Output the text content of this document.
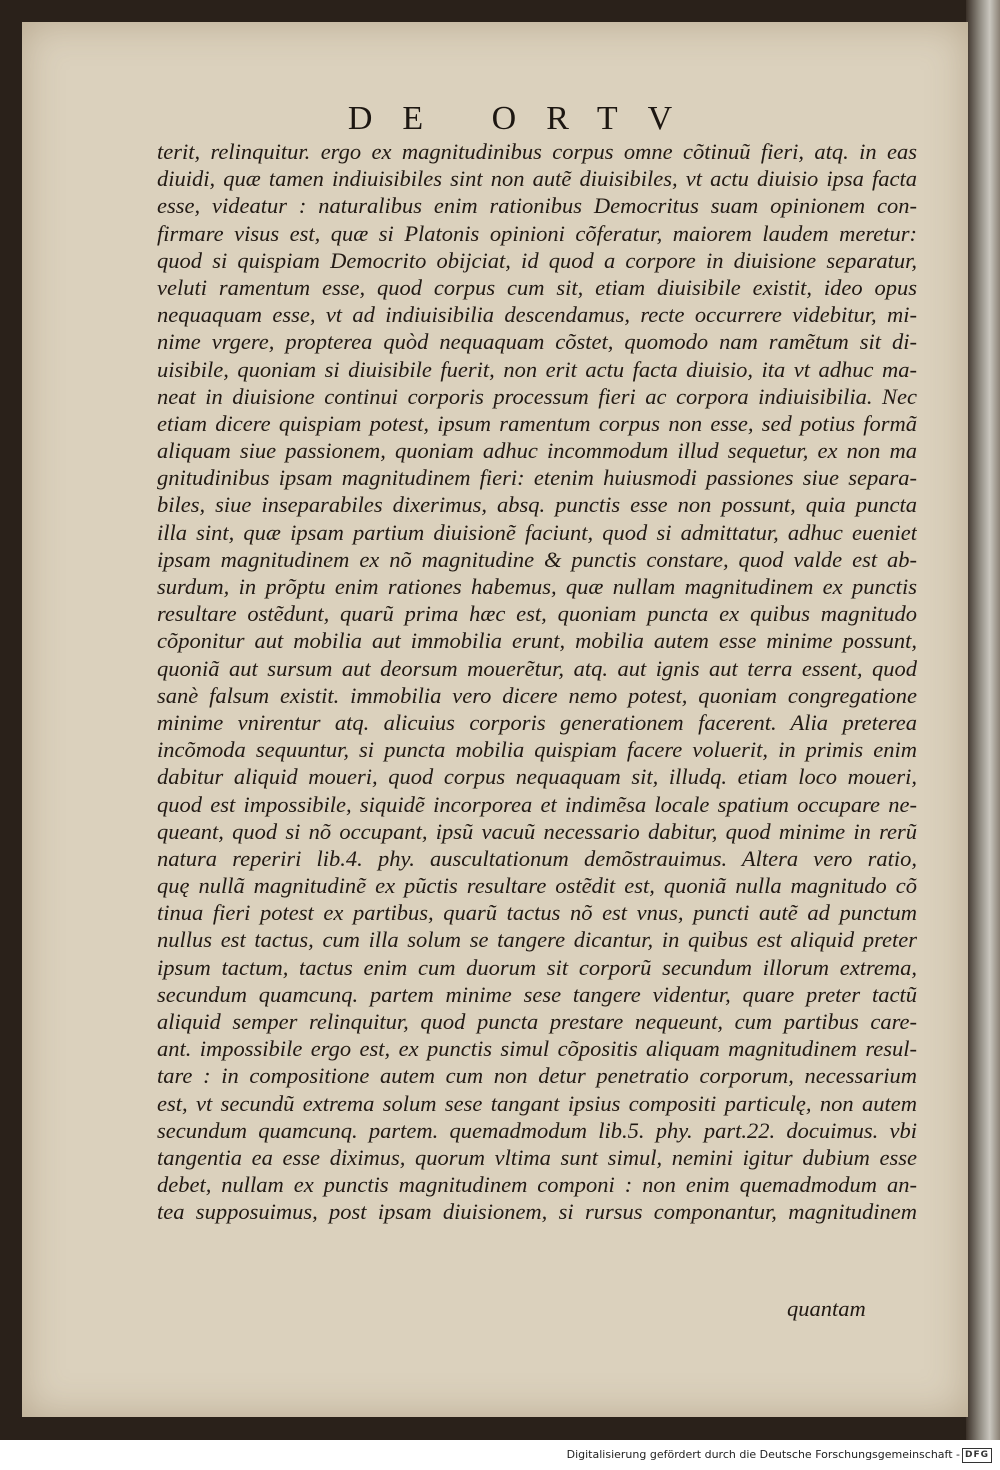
DE ORTV
terit, relinquitur. ergo ex magnitudinibus corpus omne cõtinuũ fieri, atq. in eas
diuidi, quæ tamen indiuisibiles sint non autẽ diuisibiles, vt actu diuisio ipsa facta
esse, videatur : naturalibus enim rationibus Democritus suam opinionem con-
firmare visus est, quæ si Platonis opinioni cõferatur, maiorem laudem meretur:
quod si quispiam Democrito obijciat, id quod a corpore in diuisione separatur,
veluti ramentum esse, quod corpus cum sit, etiam diuisibile existit, ideo opus
nequaquam esse, vt ad indiuisibilia descendamus, recte occurrere videbitur, mi-
nime vrgere, propterea quòd nequaquam cõstet, quomodo nam ramẽtum sit di-
uisibile, quoniam si diuisibile fuerit, non erit actu facta diuisio, ita vt adhuc ma-
neat in diuisione continui corporis processum fieri ac corpora indiuisibilia. Nec
etiam dicere quispiam potest, ipsum ramentum corpus non esse, sed potius formã
aliquam siue passionem, quoniam adhuc incommodum illud sequetur, ex non ma
gnitudinibus ipsam magnitudinem fieri: etenim huiusmodi passiones siue separa-
biles, siue inseparabiles dixerimus, absq. punctis esse non possunt, quia puncta
illa sint, quæ ipsam partium diuisionẽ faciunt, quod si admittatur, adhuc eueniet
ipsam magnitudinem ex nõ magnitudine & punctis constare, quod valde est ab-
surdum, in prõptu enim rationes habemus, quæ nullam magnitudinem ex punctis
resultare ostẽdunt, quarũ prima hæc est, quoniam puncta ex quibus magnitudo
cõponitur aut mobilia aut immobilia erunt, mobilia autem esse minime possunt,
quoniã aut sursum aut deorsum mouerẽtur, atq. aut ignis aut terra essent, quod
sanè falsum existit. immobilia vero dicere nemo potest, quoniam congregatione
minime vnirentur atq. alicuius corporis generationem facerent. Alia preterea
incõmoda sequuntur, si puncta mobilia quispiam facere voluerit, in primis enim
dabitur aliquid moueri, quod corpus nequaquam sit, illudq. etiam loco moueri,
quod est impossibile, siquidẽ incorporea et indimẽsa locale spatium occupare ne-
queant, quod si nõ occupant, ipsũ vacuũ necessario dabitur, quod minime in rerũ
natura reperiri lib.4. phy. auscultationum demõstrauimus. Altera vero ratio,
quę nullã magnitudinẽ ex pũctis resultare ostẽdit est, quoniã nulla magnitudo cõ
tinua fieri potest ex partibus, quarũ tactus nõ est vnus, puncti autẽ ad punctum
nullus est tactus, cum illa solum se tangere dicantur, in quibus est aliquid preter
ipsum tactum, tactus enim cum duorum sit corporũ secundum illorum extrema,
secundum quamcunq. partem minime sese tangere videntur, quare preter tactũ
aliquid semper relinquitur, quod puncta prestare nequeunt, cum partibus care-
ant. impossibile ergo est, ex punctis simul cõpositis aliquam magnitudinem resul-
tare : in compositione autem cum non detur penetratio corporum, necessarium
est, vt secundũ extrema solum sese tangant ipsius compositi particulę, non autem
secundum quamcunq. partem. quemadmodum lib.5. phy. part.22. docuimus. vbi
tangentia ea esse diximus, quorum vltima sunt simul, nemini igitur dubium esse
debet, nullam ex punctis magnitudinem componi : non enim quemadmodum an-
tea supposuimus, post ipsam diuisionem, si rursus componantur, magnitudinem
quantam
Digitalisierung gefördert durch die Deutsche Forschungsgemeinschaft - DFG
